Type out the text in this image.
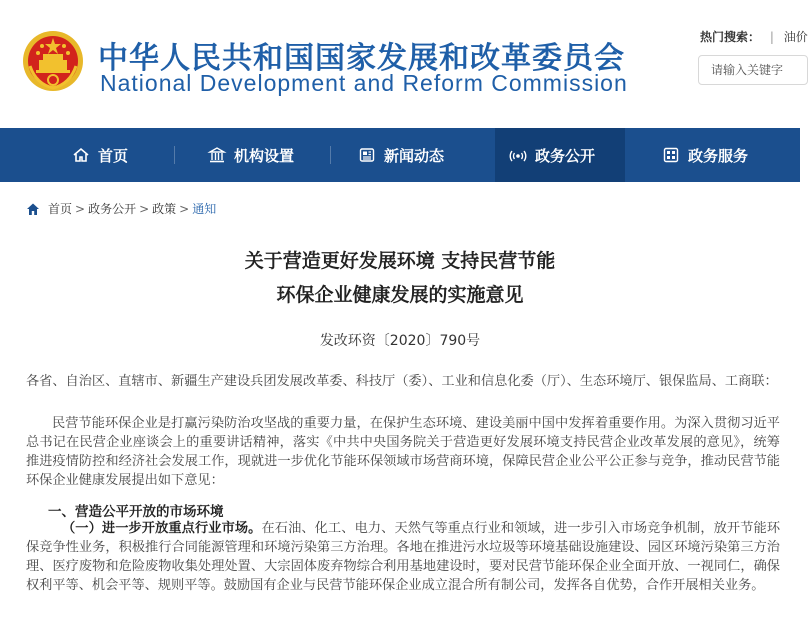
中华人民共和国国家发展和改革委员会
National Development and Reform Commission
热门搜索： | 油价
请输入关键字
首页	机构设置	新闻动态	政务公开	政务服务
首页 > 政务公开 > 政策 > 通知
关于营造更好发展环境 支持民营节能
环保企业健康发展的实施意见
发改环资〔2020〕790号
各省、自治区、直辖市、新疆生产建设兵团发展改革委、科技厅（委）、工业和信息化委（厅）、生态环境厅、银保监局、工商联：
民营节能环保企业是打赢污染防治攻坚战的重要力量，在保护生态环境、建设美丽中国中发挥着重要作用。为深入贯彻习近平总书记在民营企业座谈会上的重要讲话精神，落实《中共中央国务院关于营造更好发展环境支持民营企业改革发展的意见》，统筹推进疫情防控和经济社会发展工作，现就进一步优化节能环保领域市场营商环境，保障民营企业公平公正参与竞争，推动民营节能环保企业健康发展提出如下意见：
一、营造公平开放的市场环境
（一）进一步开放重点行业市场。在石油、化工、电力、天然气等重点行业和领域，进一步引入市场竞争机制，放开节能环保竞争性业务，积极推行合同能源管理和环境污染第三方治理。各地在推进污水垃圾等环境基础设施建设、园区环境污染第三方治理、医疗废物和危险废物收集处理处置、大宗固体废弃物综合利用基地建设时，要对民营节能环保企业全面开放、一视同仁，确保权利平等、机会平等、规则平等。鼓励国有企业与民营节能环保企业成立混合所有制公司，发挥各自优势，合作开展相关业务。
